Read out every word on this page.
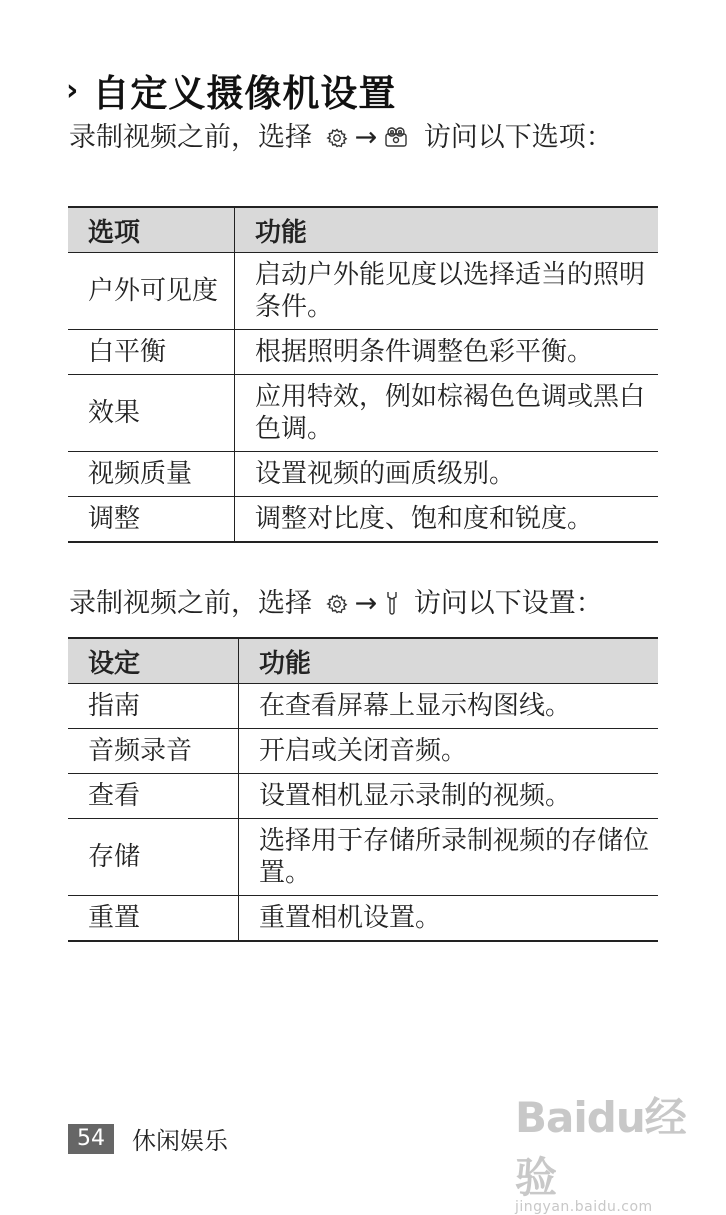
› 自定义摄像机设置
录制视频之前，选择 → 访问以下选项：
选项	功能
户外可见度	启动户外能见度以选择适当的照明条件。
白平衡	根据照明条件调整色彩平衡。
效果	应用特效，例如棕褐色色调或黑白色调。
视频质量	设置视频的画质级别。
调整	调整对比度、饱和度和锐度。
录制视频之前，选择 → 访问以下设置：
设定	功能
指南	在查看屏幕上显示构图线。
音频录音	开启或关闭音频。
查看	设置相机显示录制的视频。
存储	选择用于存储所录制视频的存储位置。
重置	重置相机设置。
54	休闲娱乐	Baidu经验
jingyan.baidu.com
